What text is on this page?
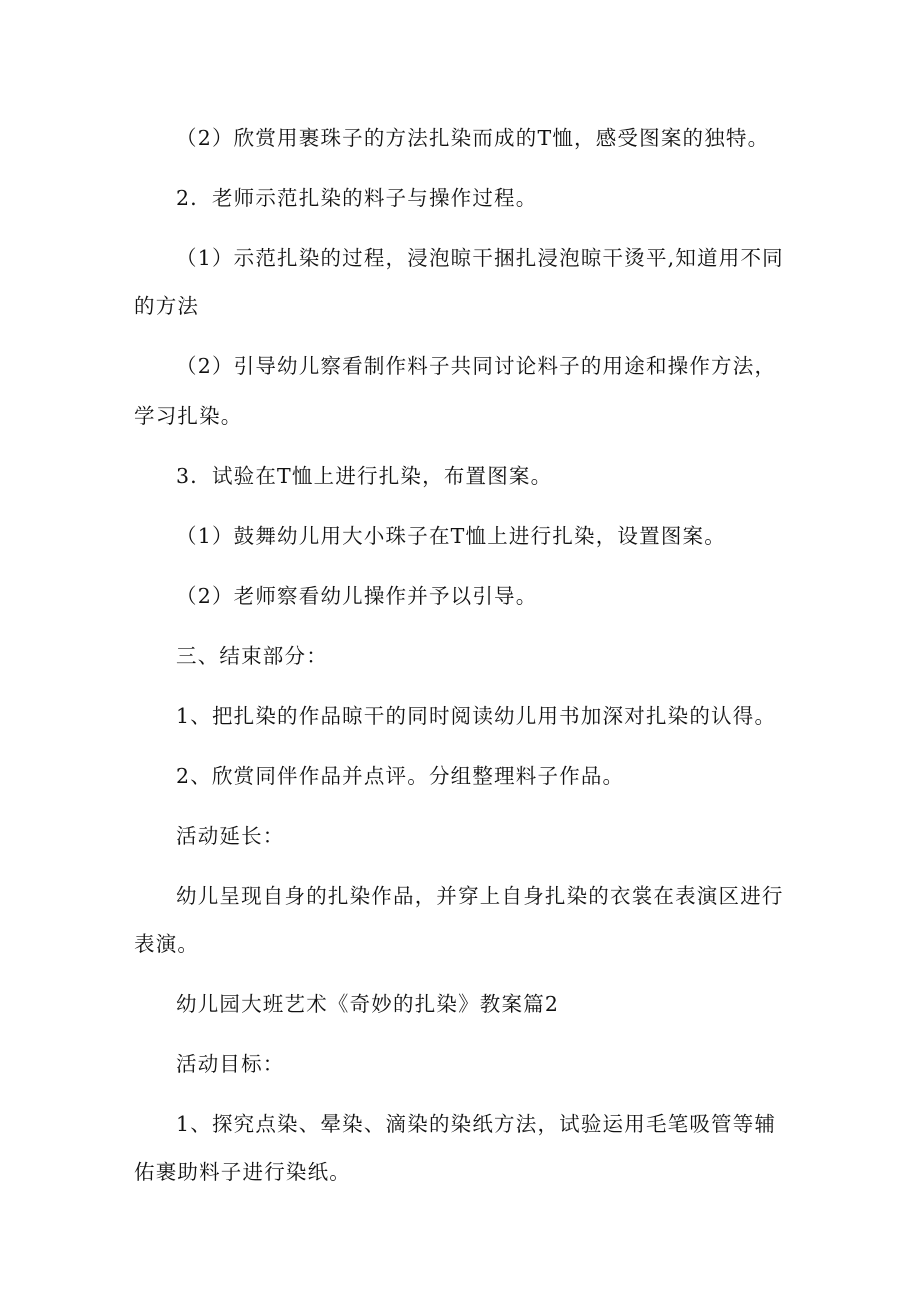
（2）欣赏用裹珠子的方法扎染而成的T恤，感受图案的独特。
2．老师示范扎染的料子与操作过程。
（1）示范扎染的过程，浸泡晾干捆扎浸泡晾干烫平,知道用不同
的方法
（2）引导幼儿察看制作料子共同讨论料子的用途和操作方法，
学习扎染。
3．试验在T恤上进行扎染，布置图案。
（1）鼓舞幼儿用大小珠子在T恤上进行扎染，设置图案。
（2）老师察看幼儿操作并予以引导。
三、结束部分：
1、把扎染的作品晾干的同时阅读幼儿用书加深对扎染的认得。
2、欣赏同伴作品并点评。分组整理料子作品。
活动延长：
幼儿呈现自身的扎染作品，并穿上自身扎染的衣裳在表演区进行
表演。
幼儿园大班艺术《奇妙的扎染》教案篇2
活动目标：
1、探究点染、晕染、滴染的染纸方法，试验运用毛笔吸管等辅
佑裹助料子进行染纸。
